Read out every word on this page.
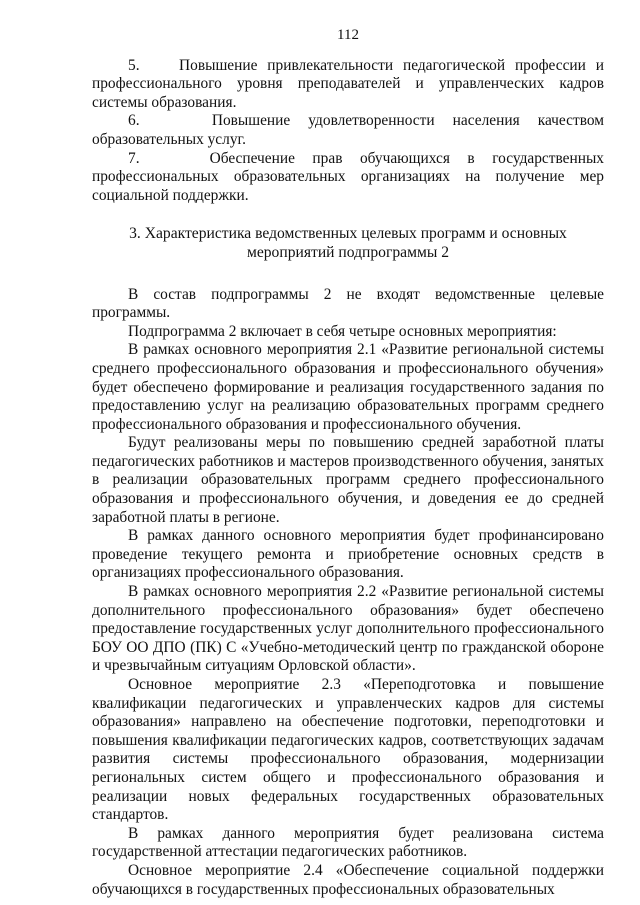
112

5.    Повышение привлекательности педагогической профессии и профессионального уровня преподавателей и управленческих кадров системы образования.

6.    Повышение удовлетворенности населения качеством образовательных услуг.

7.    Обеспечение прав обучающихся в государственных профессиональных образовательных организациях на получение мер социальной поддержки.

3. Характеристика ведомственных целевых программ и основных
мероприятий подпрограммы 2

В состав подпрограммы 2 не входят ведомственные целевые программы.

Подпрограмма 2 включает в себя четыре основных мероприятия:

В рамках основного мероприятия 2.1 «Развитие региональной системы среднего профессионального образования и профессионального обучения» будет обеспечено формирование и реализация государственного задания по предоставлению услуг на реализацию образовательных программ среднего профессионального образования и профессионального обучения.

Будут реализованы меры по повышению средней заработной платы педагогических работников и мастеров производственного обучения, занятых в реализации образовательных программ среднего профессионального образования и профессионального обучения, и доведения ее до средней заработной платы в регионе.

В рамках данного основного мероприятия будет профинансировано проведение текущего ремонта и приобретение основных средств в организациях профессионального образования.

В рамках основного мероприятия 2.2 «Развитие региональной системы дополнительного профессионального образования» будет обеспечено предоставление государственных услуг дополнительного профессионального БОУ ОО ДПО (ПК) С «Учебно-методический центр по гражданской обороне и чрезвычайным ситуациям Орловской области».

Основное мероприятие 2.3 «Переподготовка и повышение квалификации педагогических и управленческих кадров для системы образования» направлено на обеспечение подготовки, переподготовки и повышения квалификации педагогических кадров, соответствующих задачам развития системы профессионального образования, модернизации региональных систем общего и профессионального образования и реализации новых федеральных государственных образовательных стандартов.

В рамках данного мероприятия будет реализована система государственной аттестации педагогических работников.

Основное мероприятие 2.4 «Обеспечение социальной поддержки обучающихся в государственных профессиональных образовательных
